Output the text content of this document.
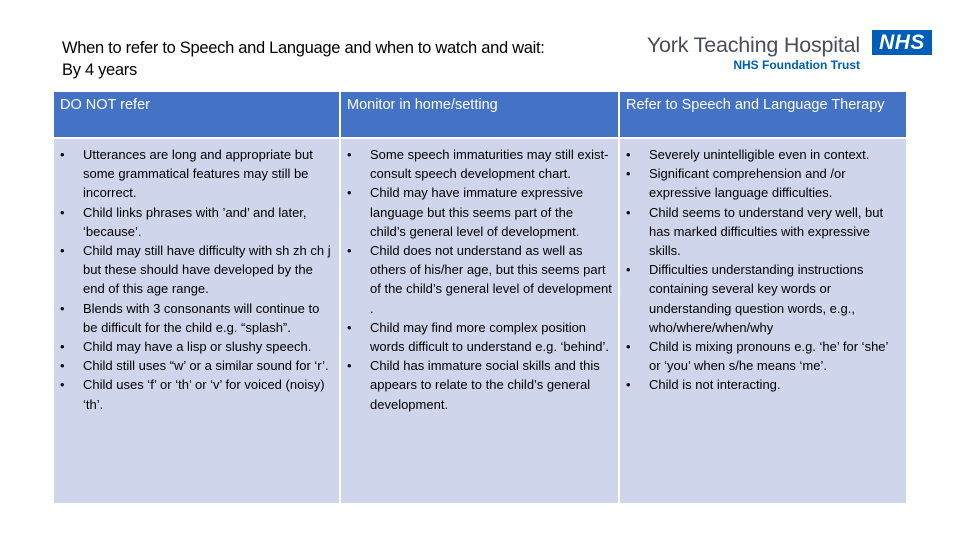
When to refer to Speech and Language and when to watch and wait:
By 4 years
York Teaching Hospital
NHS Foundation Trust
NHS
DO NOT refer	Monitor in home/setting	Refer to Speech and Language Therapy
• Utterances are long and appropriate but some grammatical features may still be incorrect.
• Child links phrases with ’and’ and later, ‘because’.
• Child may still have difficulty with sh zh ch j but these should have developed by the end of this age range.
• Blends with 3 consonants will continue to be difficult for the child e.g. “splash”.
• Child may have a lisp or slushy speech.
• Child still uses “w’ or a similar sound for ‘r’.
• Child uses ‘f’ or ‘th’ or ‘v’ for voiced (noisy) ‘th’.
• Some speech immaturities may still exist- consult speech development chart.
• Child may have immature expressive language but this seems part of the child’s general level of development.
• Child does not understand as well as others of his/her age, but this seems part of the child’s general level of development .
• Child may find more complex position words difficult to understand e.g. ‘behind’.
• Child has immature social skills and this appears to relate to the child’s general development.
• Severely unintelligible even in context.
• Significant comprehension and /or expressive language difficulties.
• Child seems to understand very well, but has marked difficulties with expressive skills.
• Difficulties understanding instructions containing several key words or understanding question words, e.g., who/where/when/why
• Child is mixing pronouns e.g. ‘he’ for ‘she’ or ‘you’ when s/he means ‘me’.
• Child is not interacting.
